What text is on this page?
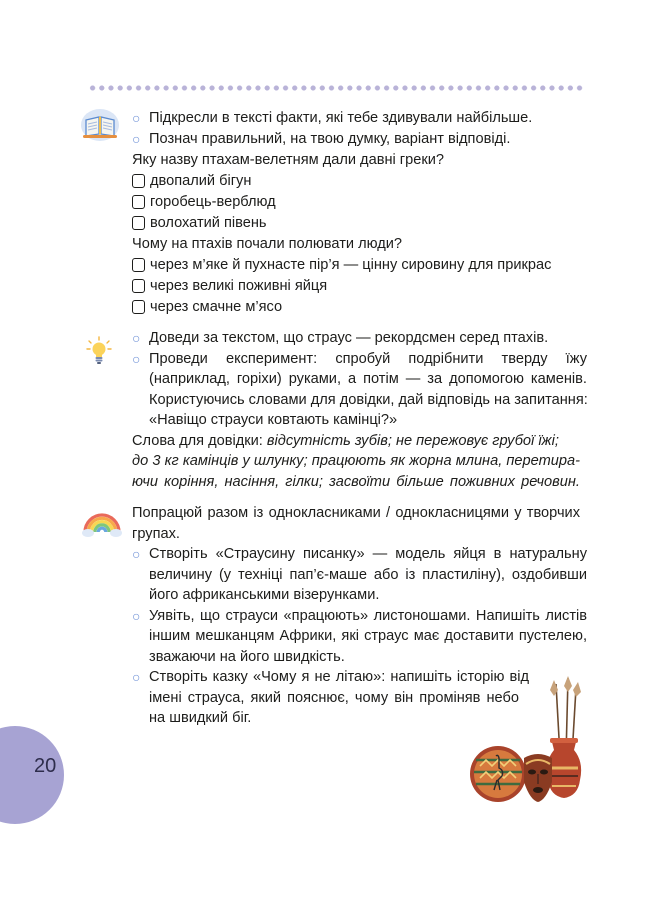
○ Підкресли в тексті факти, які тебе здивували найбільше.
○ Познач правильний, на твою думку, варіант відповіді.
Яку назву птахам-велетням дали давні греки?
двопалий бігун
горобець-верблюд
волохатий півень
Чому на птахів почали полювати люди?
через м’яке й пухнасте пір’я — цінну сировину для прикрас
через великі поживні яйця
через смачне м’ясо
○ Доведи за текстом, що страус — рекордсмен серед птахів.
○ Проведи експеримент: спробуй подрібнити тверду їжу
(наприклад, горіхи) руками, а потім — за допомогою каменів.
Користуючись словами для довідки, дай відповідь на запитання:
«Навіщо страуси ковтають камінці?»
Слова для довідки: відсутність зубів; не пережовує грубої їжі;
до 3 кг камінців у шлунку; працюють як жорна млина, перетира-
ючи коріння, насіння, гілки; засвоїти більше поживних речовин.
Попрацюй разом із однокласниками / однокласницями у творчих
групах.
○ Створіть «Страусину писанку» — модель яйця в натуральну
величину (у техніці пап’є-маше або із пластиліну), оздобивши
його африканськими візерунками.
○ Уявіть, що страуси «працюють» листоношами. Напишіть листів
іншим мешканцям Африки, які страус має доставити пустелею,
зважаючи на його швидкість.
○ Створіть казку «Чому я не літаю»: напишіть історію від
імені страуса, який пояснює, чому він проміняв небо
на швидкий біг.
20
